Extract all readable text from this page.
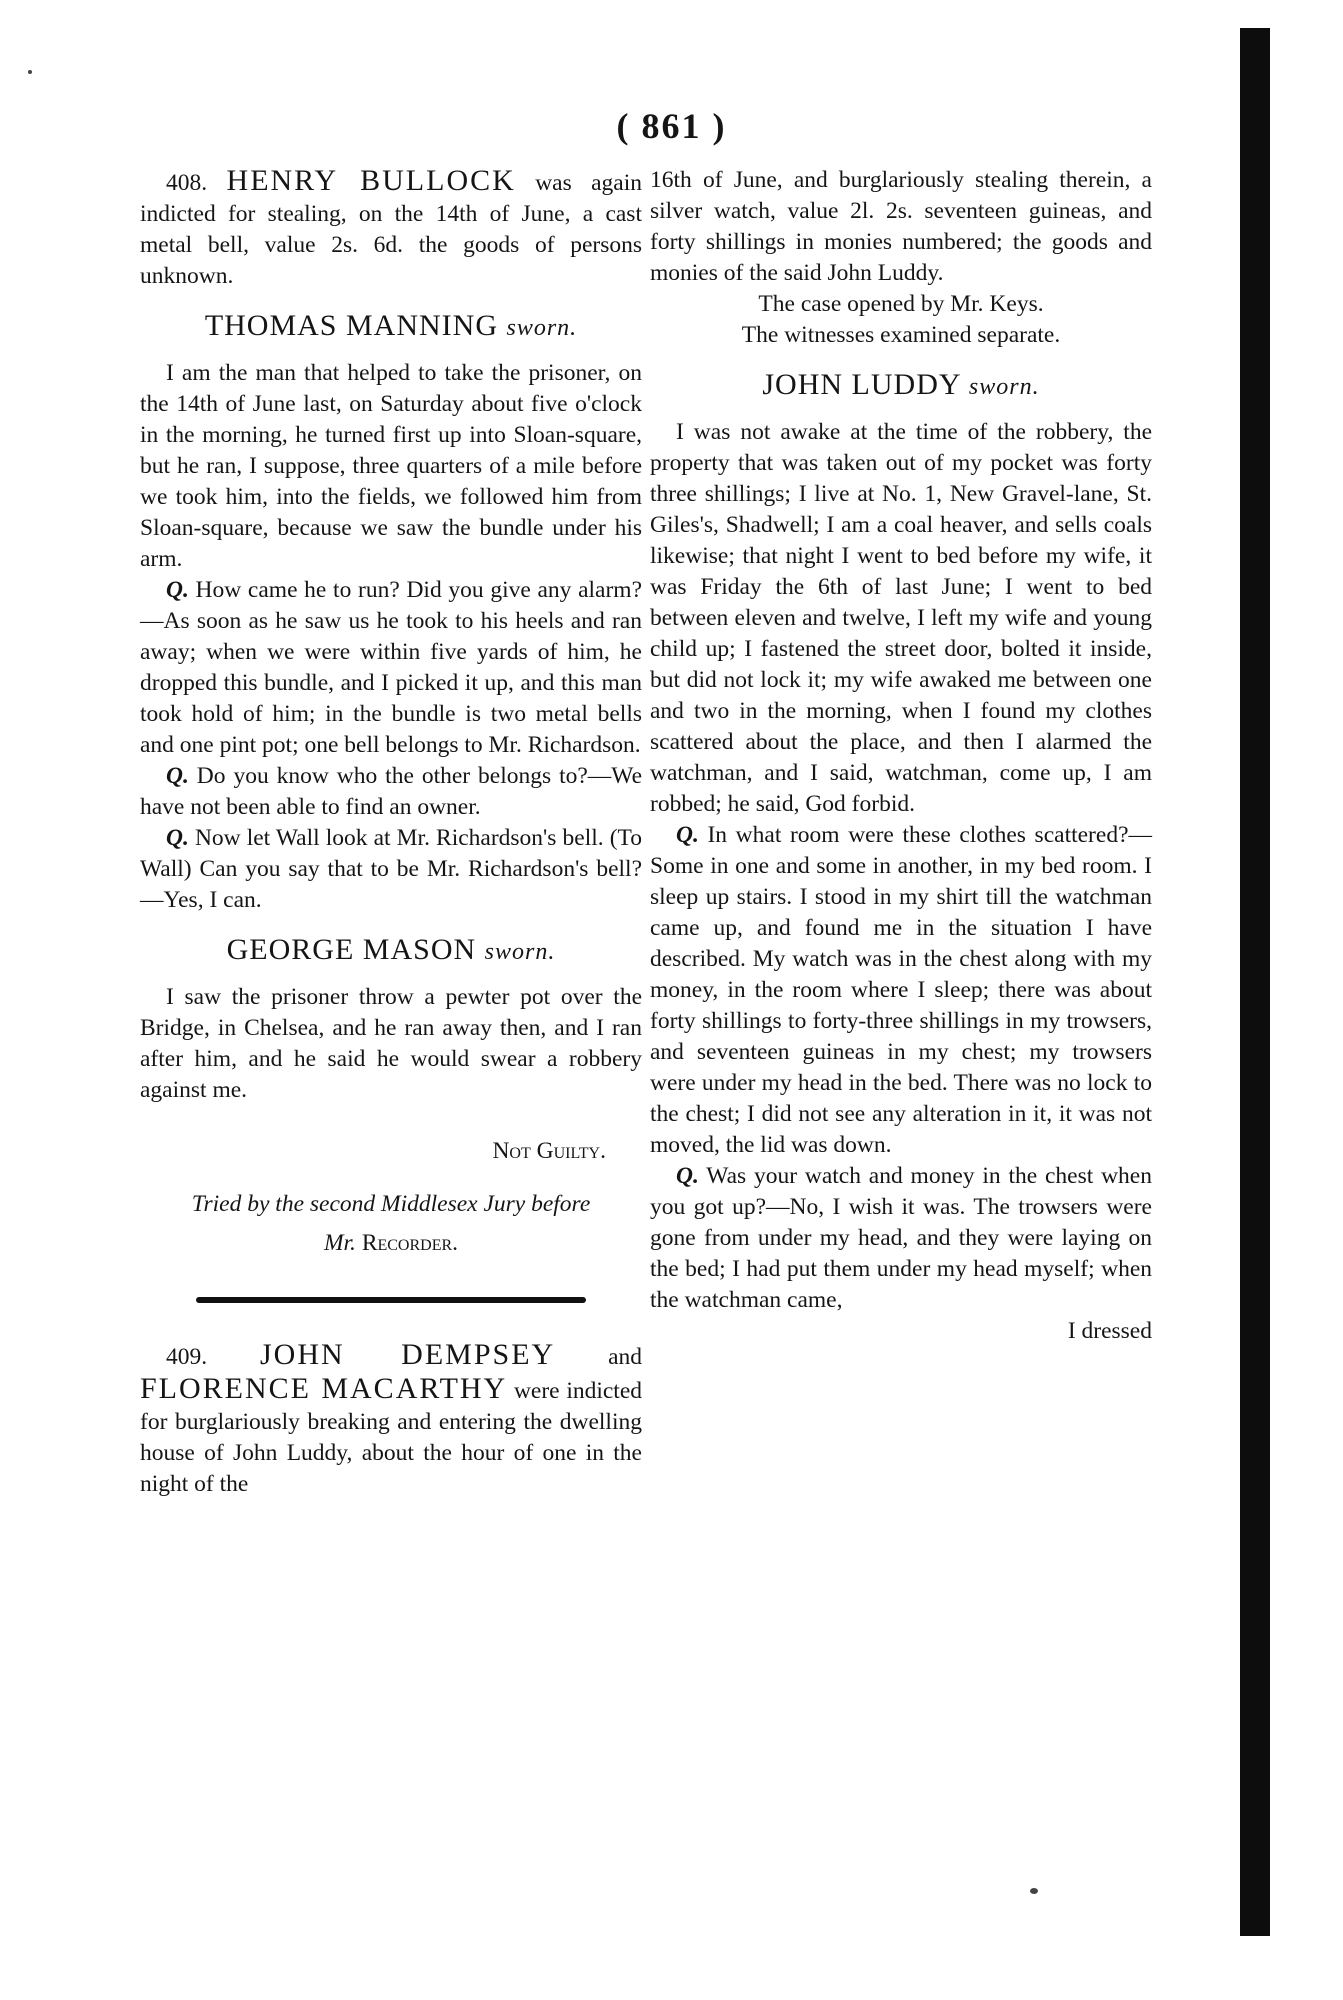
( 861 )

408. HENRY BULLOCK was again indicted for stealing, on the 14th of June, a cast metal bell, value 2s. 6d. the goods of persons unknown.

THOMAS MANNING sworn.

I am the man that helped to take the prisoner, on the 14th of June last, on Saturday about five o'clock in the morning, he turned first up into Sloan-square, but he ran, I suppose, three quarters of a mile before we took him, into the fields, we followed him from Sloan-square, because we saw the bundle under his arm.

Q. How came he to run? Did you give any alarm?—As soon as he saw us he took to his heels and ran away; when we were within five yards of him, he dropped this bundle, and I picked it up, and this man took hold of him; in the bundle is two metal bells and one pint pot; one bell belongs to Mr. Richardson.

Q. Do you know who the other belongs to?—We have not been able to find an owner.

Q. Now let Wall look at Mr. Richardson's bell. (To Wall) Can you say that to be Mr. Richardson's bell?—Yes, I can.

GEORGE MASON sworn.

I saw the prisoner throw a pewter pot over the Bridge, in Chelsea, and he ran away then, and I ran after him, and he said he would swear a robbery against me.

Not Guilty.

Tried by the second Middlesex Jury before

Mr. Recorder.

409. JOHN DEMPSEY and FLORENCE MACARTHY were indicted for burglariously breaking and entering the dwelling house of John Luddy, about the hour of one in the night of the

16th of June, and burglariously stealing therein, a silver watch, value 2l. 2s. seventeen guineas, and forty shillings in monies numbered; the goods and monies of the said John Luddy.

The case opened by Mr. Keys.

The witnesses examined separate.

JOHN LUDDY sworn.

I was not awake at the time of the robbery, the property that was taken out of my pocket was forty three shillings; I live at No. 1, New Gravel-lane, St. Giles's, Shadwell; I am a coal heaver, and sells coals likewise; that night I went to bed before my wife, it was Friday the 6th of last June; I went to bed between eleven and twelve, I left my wife and young child up; I fastened the street door, bolted it inside, but did not lock it; my wife awaked me between one and two in the morning, when I found my clothes scattered about the place, and then I alarmed the watchman, and I said, watchman, come up, I am robbed; he said, God forbid.

Q. In what room were these clothes scattered?—Some in one and some in another, in my bed room. I sleep up stairs. I stood in my shirt till the watchman came up, and found me in the situation I have described. My watch was in the chest along with my money, in the room where I sleep; there was about forty shillings to forty-three shillings in my trowsers, and seventeen guineas in my chest; my trowsers were under my head in the bed. There was no lock to the chest; I did not see any alteration in it, it was not moved, the lid was down.

Q. Was your watch and money in the chest when you got up?—No, I wish it was. The trowsers were gone from under my head, and they were laying on the bed; I had put them under my head myself; when the watchman came,

I dressed
